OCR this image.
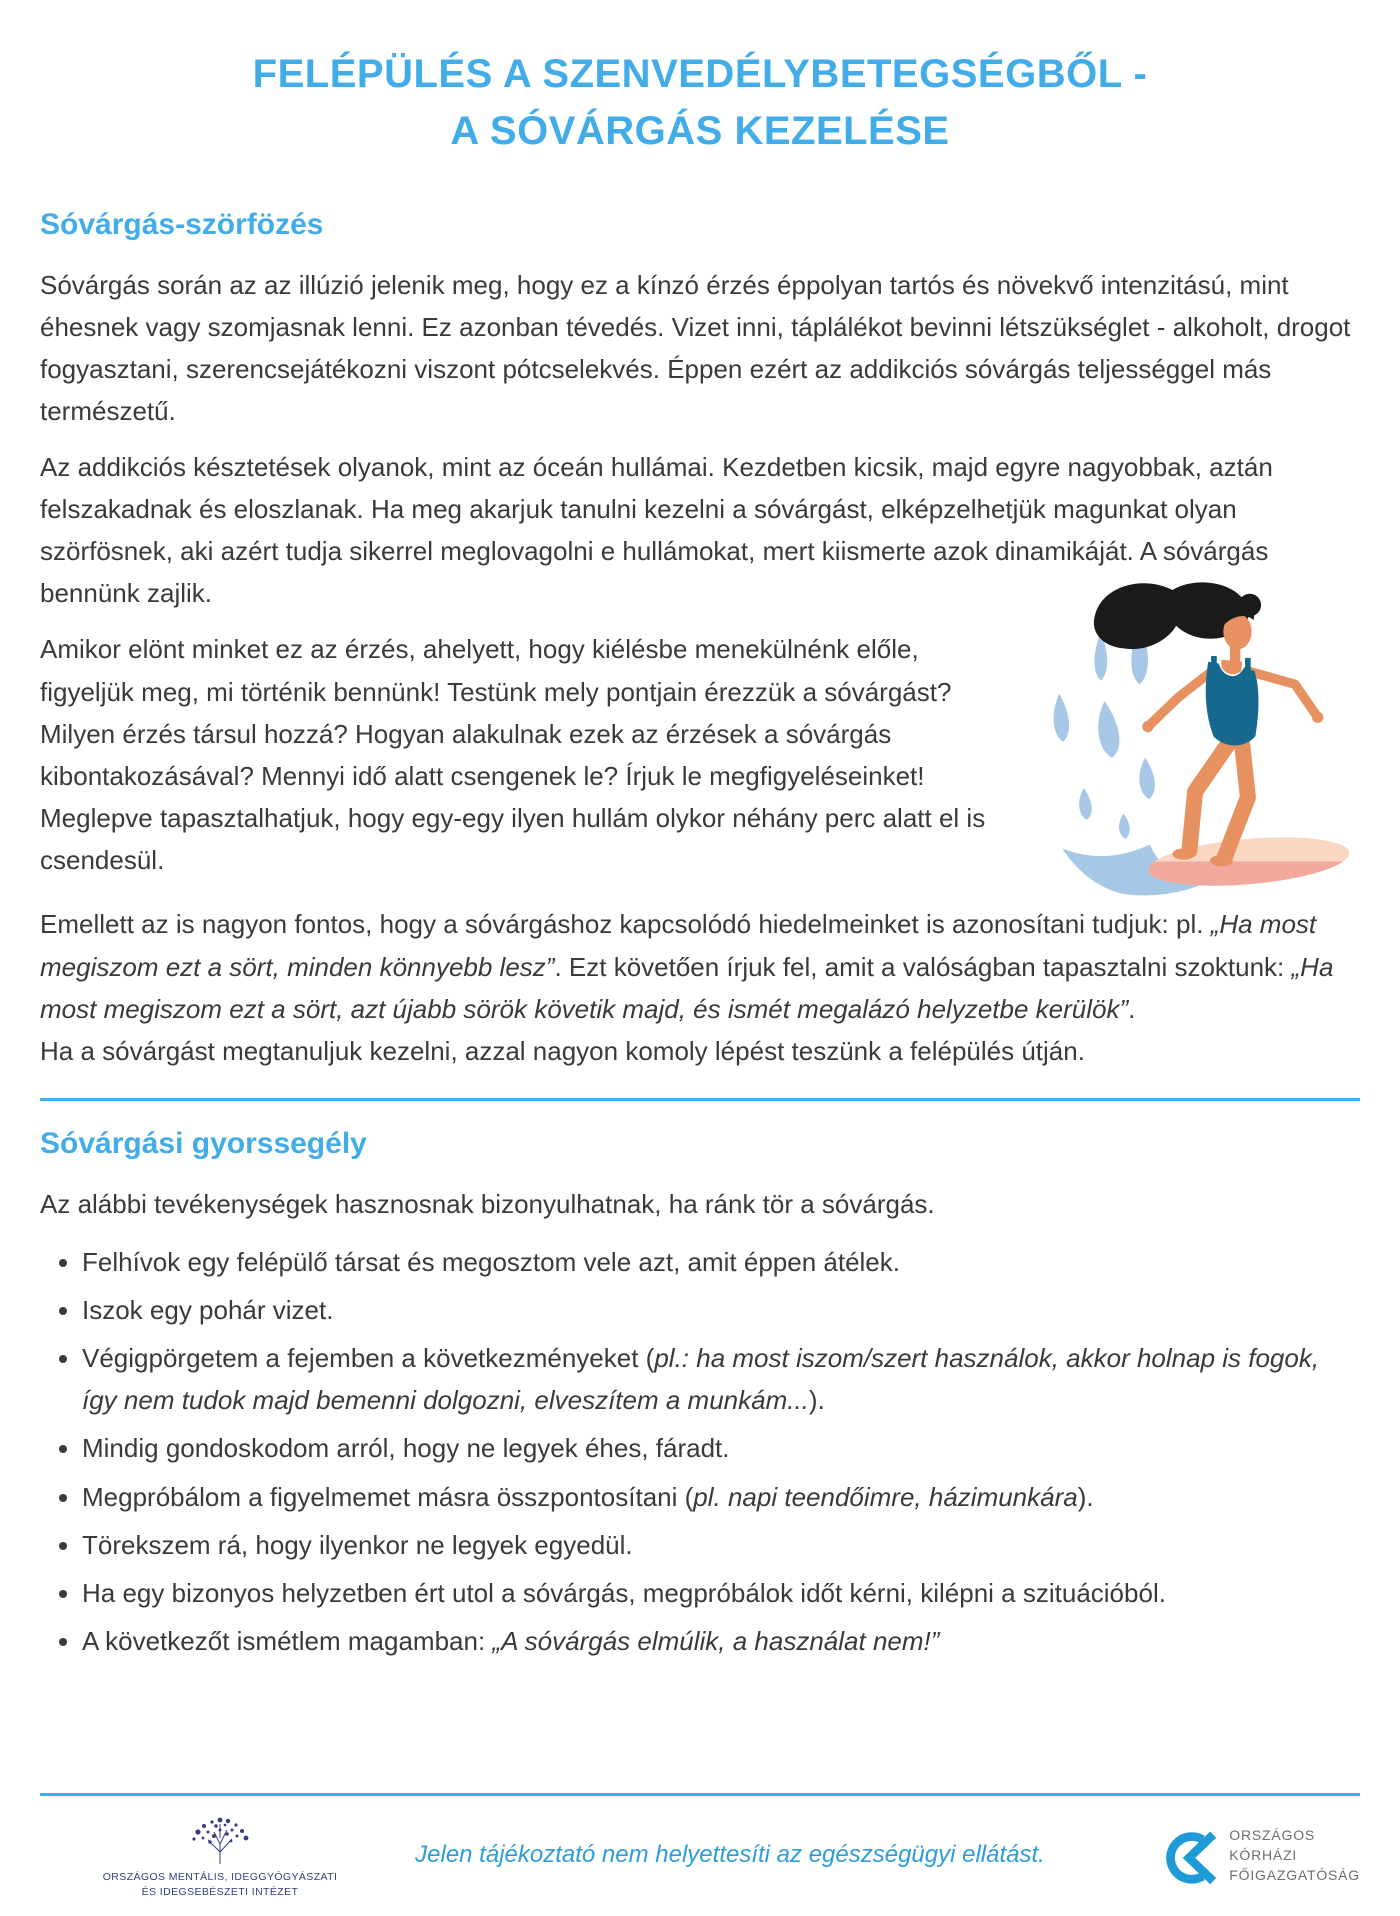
FELÉPÜLÉS A SZENVEDÉLYBETEGSÉGBŐL -
A SÓVÁRGÁS KEZELÉSE
Sóvárgás-szörfözés

Sóvárgás során az az illúzió jelenik meg, hogy ez a kínzó érzés éppolyan tartós és növekvő intenzitású, mint éhesnek vagy szomjasnak lenni. Ez azonban tévedés. Vizet inni, táplálékot bevinni létszükséglet - alkoholt, drogot fogyasztani, szerencsejátékozni viszont pótcselekvés. Éppen ezért az addikciós sóvárgás teljességgel más természetű.

Az addikciós késztetések olyanok, mint az óceán hullámai. Kezdetben kicsik, majd egyre nagyobbak, aztán felszakadnak és eloszlanak. Ha meg akarjuk tanulni kezelni a sóvárgást, elképzelhetjük magunkat olyan szörfösnek, aki azért tudja sikerrel meglovagolni e hullámokat, mert kiismerte azok dinamikáját. A sóvárgás bennünk zajlik.

Amikor elönt minket ez az érzés, ahelyett, hogy kiélésbe menekülnénk előle, figyeljük meg, mi történik bennünk! Testünk mely pontjain érezzük a sóvárgást? Milyen érzés társul hozzá? Hogyan alakulnak ezek az érzések a sóvárgás kibontakozásával? Mennyi idő alatt csengenek le? Írjuk le megfigyeléseinket! Meglepve tapasztalhatjuk, hogy egy-egy ilyen hullám olykor néhány perc alatt el is csendesül.

Emellett az is nagyon fontos, hogy a sóvárgáshoz kapcsolódó hiedelmeinket is azonosítani tudjuk: pl. „Ha most megiszom ezt a sört, minden könnyebb lesz”. Ezt követően írjuk fel, amit a valóságban tapasztalni szoktunk: „Ha most megiszom ezt a sört, azt újabb sörök követik majd, és ismét megalázó helyzetbe kerülök”.

Ha a sóvárgást megtanuljuk kezelni, azzal nagyon komoly lépést teszünk a felépülés útján.

Sóvárgási gyorssegély

Az alábbi tevékenységek hasznosnak bizonyulhatnak, ha ránk tör a sóvárgás.

• Felhívok egy felépülő társat és megosztom vele azt, amit éppen átélek.
• Iszok egy pohár vizet.
• Végigpörgetem a fejemben a következményeket (pl.: ha most iszom/szert használok, akkor holnap is fogok, így nem tudok majd bemenni dolgozni, elveszítem a munkám...).
• Mindig gondoskodom arról, hogy ne legyek éhes, fáradt.
• Megpróbálom a figyelmemet másra összpontosítani (pl. napi teendőimre, házimunkára).
• Törekszem rá, hogy ilyenkor ne legyek egyedül.
• Ha egy bizonyos helyzetben ért utol a sóvárgás, megpróbálok időt kérni, kilépni a szituációból.
• A következőt ismétlem magamban: „A sóvárgás elmúlik, a használat nem!”
ORSZÁGOS MENTÁLIS, IDEGGYÓGYÁSZATI
ÉS IDEGSEBÉSZETI INTÉZET

Jelen tájékoztató nem helyettesíti az egészségügyi ellátást.

ORSZÁGOS
KÓRHÁZI
FŐIGAZGATÓSÁG
